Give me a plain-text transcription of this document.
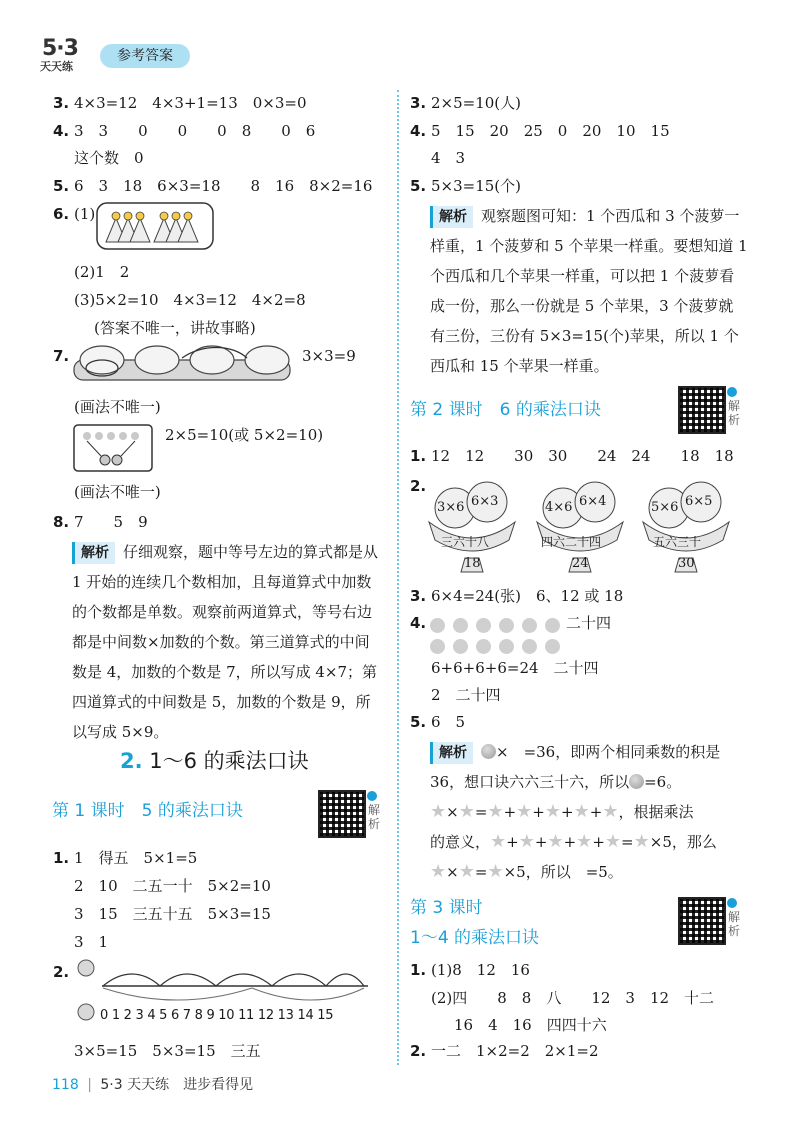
5·3
天天练
参考答案
3. 4×3=12　4×3+1=13　0×3=0
4. 3　3　　0　　0　　0　8　　0　6
这个数　0
5. 6　3　18　6×3=18　　8　16　8×2=16
6. (1)
(2)1　2
(3)5×2=10　4×3=12　4×2=8
(答案不唯一，讲故事略)
7.	3×3=9
(画法不唯一)
2×5=10(或 5×2=10)
(画法不唯一)
8. 7　　5　9
解析 仔细观察，题中等号左边的算式都是从 1 开始的连续几个数相加，且每道算式中加数的个数都是单数。观察前两道算式，等号右边都是中间数×加数的个数。第三道算式的中间数是 4，加数的个数是 7，所以写成 4×7；第四道算式的中间数是 5，加数的个数是 9，所以写成 5×9。
2. 1～6 的乘法口诀
第 1 课时　5 的乘法口诀	解析
1. 1　得五　5×1=5
2　10　二五一十　5×2=10
3　15　三五十五　5×3=15
3　1
2.
0 1 2 3 4 5 6 7 8 9 10 11 12 13 14 15
3×5=15　5×3=15　三五
3. 2×5=10(人)
4. 5　15　20　25　0　20　10　15
4　3
5. 5×3=15(个)
解析 观察题图可知：1 个西瓜和 3 个菠萝一样重，1 个菠萝和 5 个苹果一样重。要想知道 1 个西瓜和几个苹果一样重，可以把 1 个菠萝看成一份，那么一份就是 5 个苹果，3 个菠萝就有三份，三份有 5×3=15(个)苹果，所以 1 个西瓜和 15 个苹果一样重。
第 2 课时　6 的乘法口诀	解析
1. 12　12　　30　30　　24　24　　18　18
2.
3×6 6×3
三六十八
18
4×6 6×4
四六二十四
24
5×6 6×5
五六三十
30
3. 6×4=24(张)　6、12 或 18
4.	二十四
6+6+6+6=24　二十四
2　二十四
5. 6　5
解析 ×　=36，即两个相同乘数的积是
36，想口诀六六三十六，所以 =6。
★×★=★+★+★+★+★，根据乘法
的意义，★+★+★+★+★=★×5，那么
★×★=★×5，所以　=5。
第 3 课时
1～4 的乘法口诀
解析
1. (1)8　12　16
(2)四　　8　8　八　　12　3　12　十二
16　4　16　四四十六
2. 一二　1×2=2　2×1=2
118 | 5·3 天天练　进步看得见
